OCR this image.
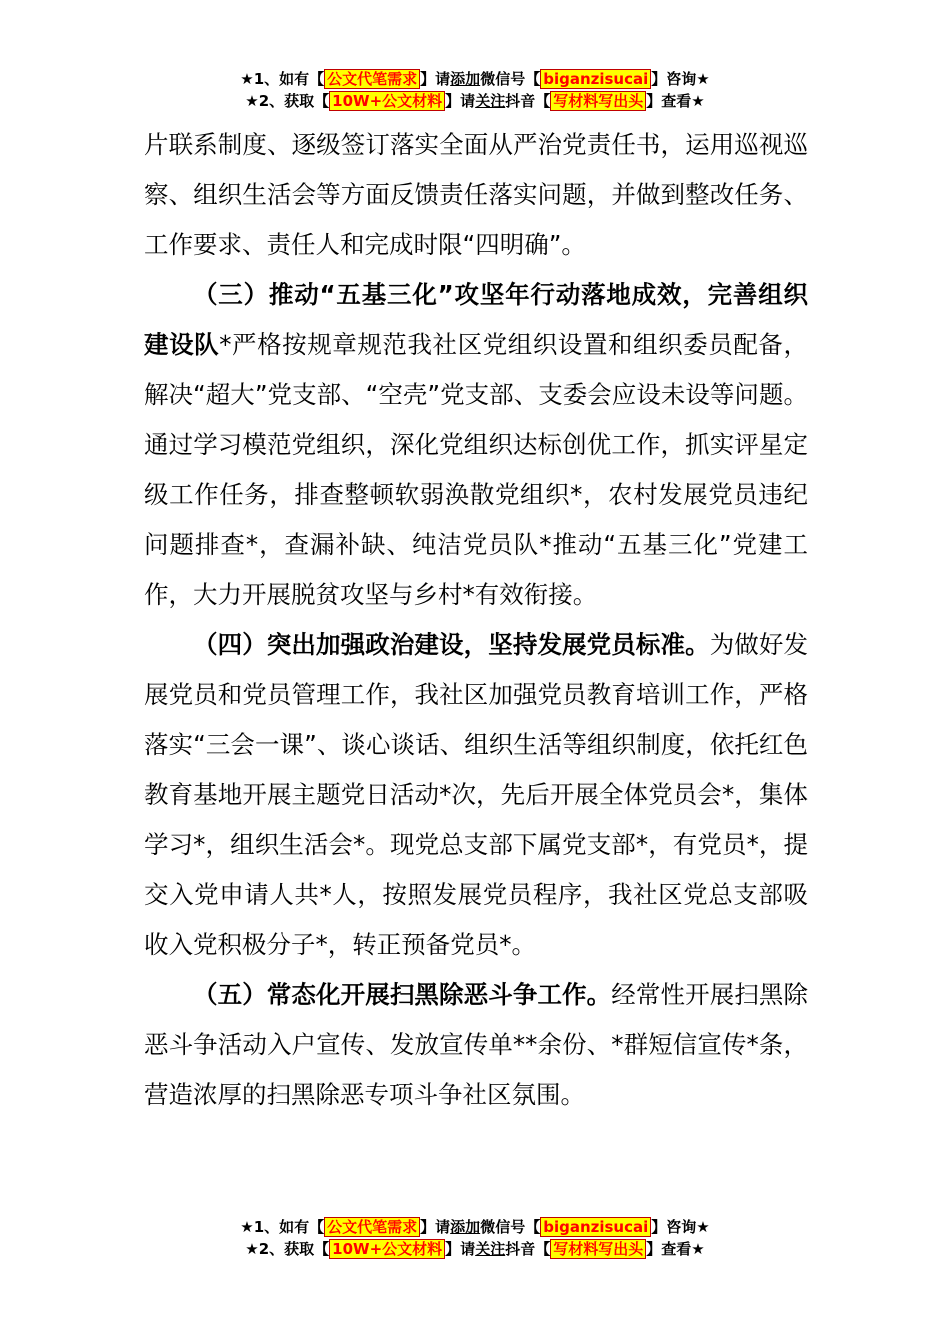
★1、如有【 公文代笔需求 】请添加微信号【 biganzisucai 】咨询★
★2、获取【 10W+公文材料 】请关注抖音【 写材料写出头 】查看★

片联系制度、逐级签订落实全面从严治党责任书，运用巡视巡察、组织生活会等方面反馈责任落实问题，并做到整改任务、工作要求、责任人和完成时限“四明确”。

（三）推动“五基三化”攻坚年行动落地成效，完善组织建设队*严格按规章规范我社区党组织设置和组织委员配备，解决“超大”党支部、“空壳”党支部、支委会应设未设等问题。通过学习模范党组织，深化党组织达标创优工作，抓实评星定级工作任务，排查整顿软弱涣散党组织*，农村发展党员违纪问题排查*，查漏补缺、纯洁党员队*推动“五基三化”党建工作，大力开展脱贫攻坚与乡村*有效衔接。

（四）突出加强政治建设，坚持发展党员标准。为做好发展党员和党员管理工作，我社区加强党员教育培训工作，严格落实“三会一课”、谈心谈话、组织生活等组织制度，依托红色教育基地开展主题党日活动*次，先后开展全体党员会*，集体学习*，组织生活会*。现党总支部下属党支部*，有党员*，提交入党申请人共*人，按照发展党员程序，我社区党总支部吸收入党积极分子*，转正预备党员*。

（五）常态化开展扫黑除恶斗争工作。经常性开展扫黑除恶斗争活动入户宣传、发放宣传单**余份、*群短信宣传*条，营造浓厚的扫黑除恶专项斗争社区氛围。

★1、如有【 公文代笔需求 】请添加微信号【 biganzisucai 】咨询★
★2、获取【 10W+公文材料 】请关注抖音【 写材料写出头 】查看★
